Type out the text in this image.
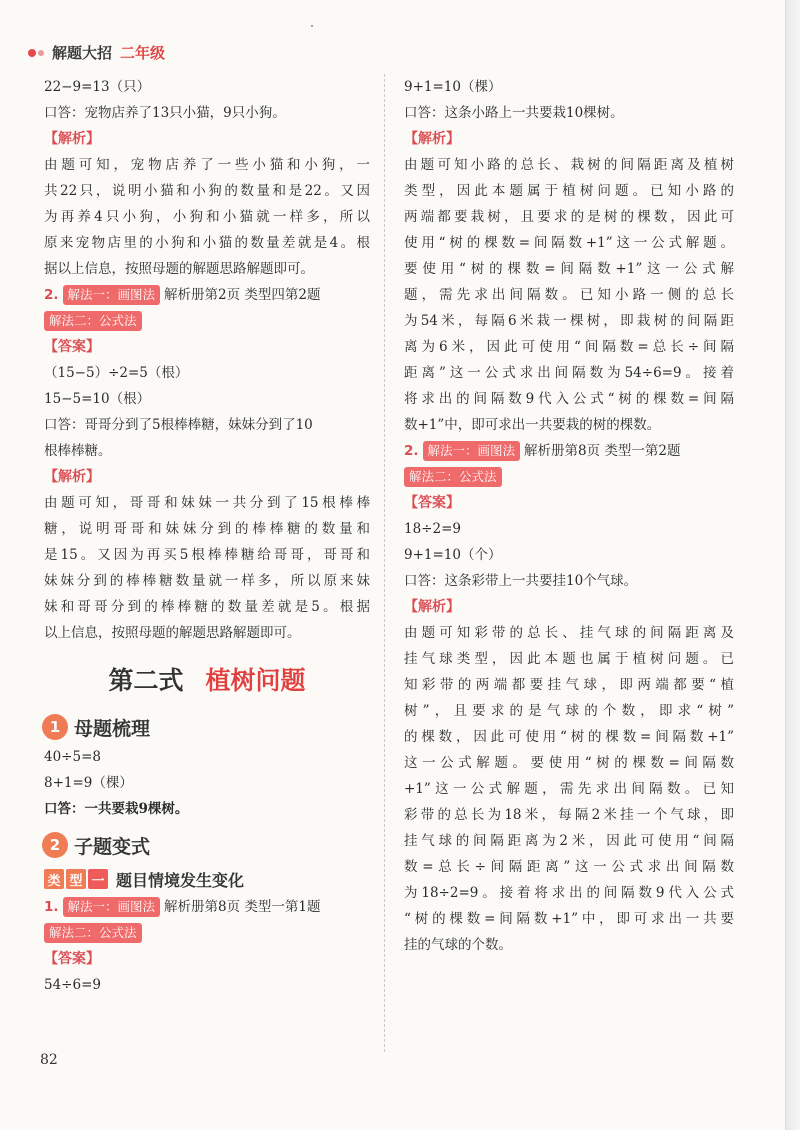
解题大招 二年级
22−9=13（只）
口答：宠物店养了13只小猫，9只小狗。
【解析】
由题可知，宠物店养了一些小猫和小狗，一
共22只，说明小猫和小狗的数量和是22。又因
为再养4只小狗，小狗和小猫就一样多，所以
原来宠物店里的小狗和小猫的数量差就是4。根
据以上信息，按照母题的解题思路解题即可。
2. 解法一：画图法 解析册第2页 类型四第2题
解法二：公式法
【答案】
（15−5）÷2=5（根）
15−5=10（根）
口答：哥哥分到了5根棒棒糖，妹妹分到了10
根棒棒糖。
【解析】
由题可知，哥哥和妹妹一共分到了15根棒棒
糖，说明哥哥和妹妹分到的棒棒糖的数量和
是15。又因为再买5根棒棒糖给哥哥，哥哥和
妹妹分到的棒棒糖数量就一样多，所以原来妹
妹和哥哥分到的棒棒糖的数量差就是5。根据
以上信息，按照母题的解题思路解题即可。
第二式 植树问题
1 母题梳理
40÷5=8
8+1=9（棵）
口答：一共要栽9棵树。
2 子题变式
类 型 一 题目情境发生变化
1. 解法一：画图法 解析册第8页 类型一第1题
解法二：公式法
【答案】
54÷6=9
9+1=10（棵）
口答：这条小路上一共要栽10棵树。
【解析】
由题可知小路的总长、栽树的间隔距离及植树
类型，因此本题属于植树问题。已知小路的
两端都要栽树，且要求的是树的棵数，因此可
使用“树的棵数=间隔数+1”这一公式解题。
要使用“树的棵数=间隔数+1”这一公式解
题，需先求出间隔数。已知小路一侧的总长
为54米，每隔6米栽一棵树，即栽树的间隔距
离为6米，因此可使用“间隔数=总长÷间隔
距离”这一公式求出间隔数为54÷6=9。接着
将求出的间隔数9代入公式“树的棵数=间隔
数+1”中，即可求出一共要栽的树的棵数。
2. 解法一：画图法 解析册第8页 类型一第2题
解法二：公式法
【答案】
18÷2=9
9+1=10（个）
口答：这条彩带上一共要挂10个气球。
【解析】
由题可知彩带的总长、挂气球的间隔距离及
挂气球类型，因此本题也属于植树问题。已
知彩带的两端都要挂气球，即两端都要“植
树”，且要求的是气球的个数，即求“树”
的棵数，因此可使用“树的棵数=间隔数+1”
这一公式解题。要使用“树的棵数=间隔数
+1”这一公式解题，需先求出间隔数。已知
彩带的总长为18米，每隔2米挂一个气球，即
挂气球的间隔距离为2米，因此可使用“间隔
数=总长÷间隔距离”这一公式求出间隔数
为18÷2=9。接着将求出的间隔数9代入公式
“树的棵数=间隔数+1”中，即可求出一共要
挂的气球的个数。
82
